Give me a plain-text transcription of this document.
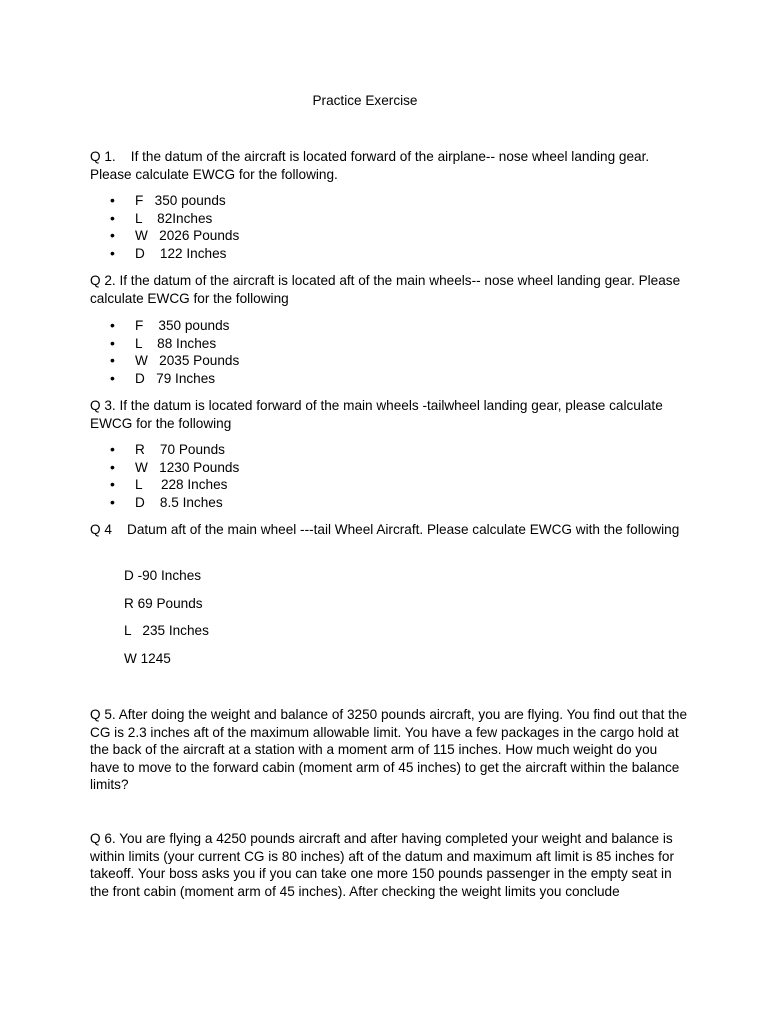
Practice Exercise
Q 1.    If the datum of the aircraft is located forward of the airplane-- nose wheel landing gear. Please calculate EWCG for the following.
• F   350 pounds
• L    82Inches
• W   2026 Pounds
• D    122 Inches
Q 2. If the datum of the aircraft is located aft of the main wheels-- nose wheel landing gear. Please calculate EWCG for the following
• F    350 pounds
• L    88 Inches
• W   2035 Pounds
• D   79 Inches
Q 3. If the datum is located forward of the main wheels -tailwheel landing gear, please calculate EWCG for the following
• R    70 Pounds
• W   1230 Pounds
• L     228 Inches
• D    8.5 Inches
Q 4    Datum aft of the main wheel ---tail Wheel Aircraft. Please calculate EWCG with the following
D -90 Inches
R 69 Pounds
L   235 Inches
W 1245
Q 5. After doing the weight and balance of 3250 pounds aircraft, you are flying. You find out that the CG is 2.3 inches aft of the maximum allowable limit. You have a few packages in the cargo hold at the back of the aircraft at a station with a moment arm of 115 inches. How much weight do you have to move to the forward cabin (moment arm of 45 inches) to get the aircraft within the balance limits?
Q 6. You are flying a 4250 pounds aircraft and after having completed your weight and balance is within limits (your current CG is 80 inches) aft of the datum and maximum aft limit is 85 inches for takeoff. Your boss asks you if you can take one more 150 pounds passenger in the empty seat in the front cabin (moment arm of 45 inches). After checking the weight limits you conclude
